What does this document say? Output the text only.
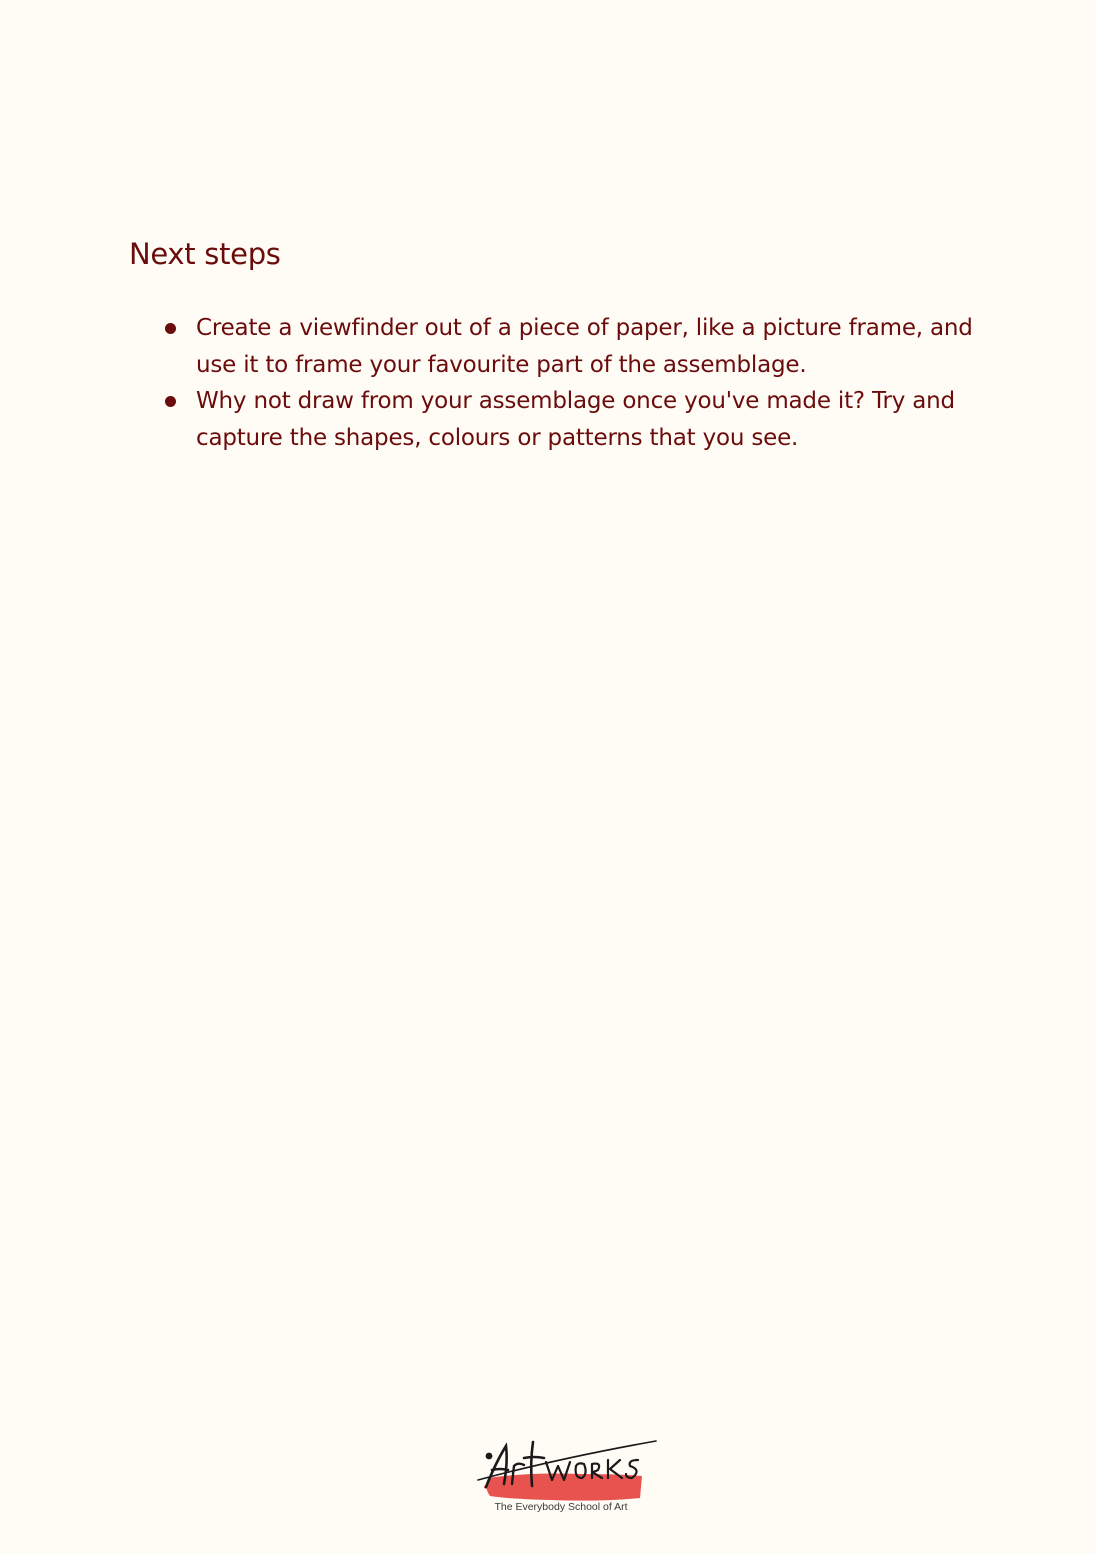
Next steps
Create a viewfinder out of a piece of paper, like a picture frame, and use it to frame your favourite part of the assemblage.
Why not draw from your assemblage once you've made it? Try and capture the shapes, colours or patterns that you see.
The Everybody School of Art
